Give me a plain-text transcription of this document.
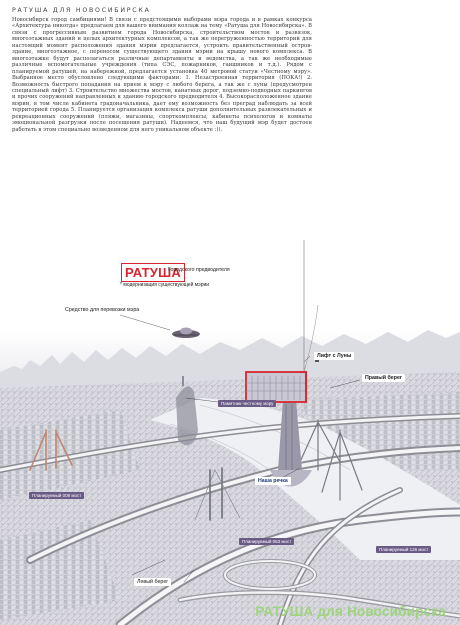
РАТУША ДЛЯ НОВОСИБИРСКА
Новосибирск город самбициями! В связи с предстоящими выборами мэра города и в рамках конкурса «Архитектура никогда» предлагаем для вашего внимания коллаж на тему «Ратуша для Новосибирска». В связи с прогрессивным развитием города Новосибирска, строительством мостов и развязок, многоэтажных зданий и целых архитектурных комплексов, а так же перегруженностью территорий для настоящий момент расположения здания мэрии предлагается, устроить правительственный остров-здание, многоэтажное, с переносом существующего здания мэрии на крышу нового комплекса. В многоэтажке будут располагаться различные департаменты и ведомства, а так же необходимые различные вспомогательные учреждения (типа СЭС, пожарников, гаишников и т.д.). Рядом с планируемой ратушей, на набережной, предлагается установка 40 метровой статуи «Честному мэру». Выбранное место обусловлено следующими факторами: 1. Незастроенная территория (ПОКА!) 2. Возможность быстрого попадания на прием к мэру с любого берега, а так же с луны (предусмотрен специальный лифт) 3. Строительство множества мостов, канатных дорог, подземно-подводных паркингов и прочих сооружений направленных к зданию городского предводителя 4. Высокорасположенное здание мэрии, в том числе кабинета градоначальника, дает ему возможность без преград наблюдать за всей территорией города 5. Планируется организация комплекса ратуши дополнительных развлекательных и рекреационных сооружений (пляжи, магазины, спорткомплексы, кабинеты психологов и комнаты эмоциональной разгрузки после посещения ратуши). Надеемся, что наш будущий мэр будет достоен работать в этом специально возведенном для него уникальном объекте :)).
РАТУША
Городского предводителя
* модернизация существующей мэрии
Средство для перевозки мэра
Лифт с Луны
Правый берег
Памятник честному мэру
Планируемый 008 мост
Наша речка
Планируемый 063 мост
Планируемый 126 мост
Левый берег
РАТУША для Новосибирска
